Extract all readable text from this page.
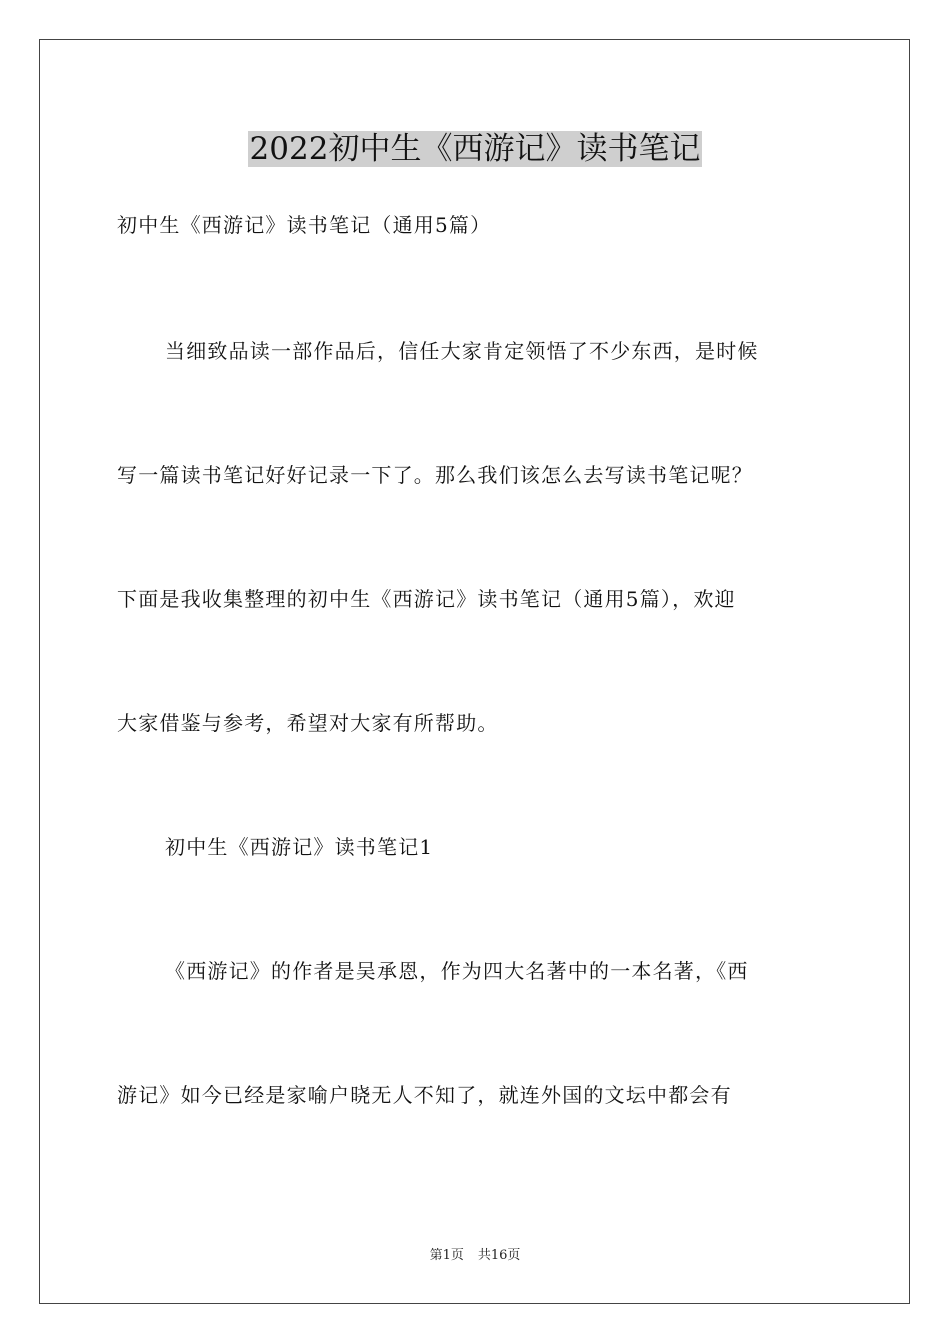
2022初中生《西游记》读书笔记

初中生《西游记》读书笔记（通用5篇）

当细致品读一部作品后，信任大家肯定领悟了不少东西，是时候

写一篇读书笔记好好记录一下了。那么我们该怎么去写读书笔记呢？

下面是我收集整理的初中生《西游记》读书笔记（通用5篇），欢迎

大家借鉴与参考，希望对大家有所帮助。

初中生《西游记》读书笔记1

《西游记》的作者是吴承恩，作为四大名著中的一本名著，《西

游记》如今已经是家喻户晓无人不知了，就连外国的文坛中都会有

第1页 共16页
